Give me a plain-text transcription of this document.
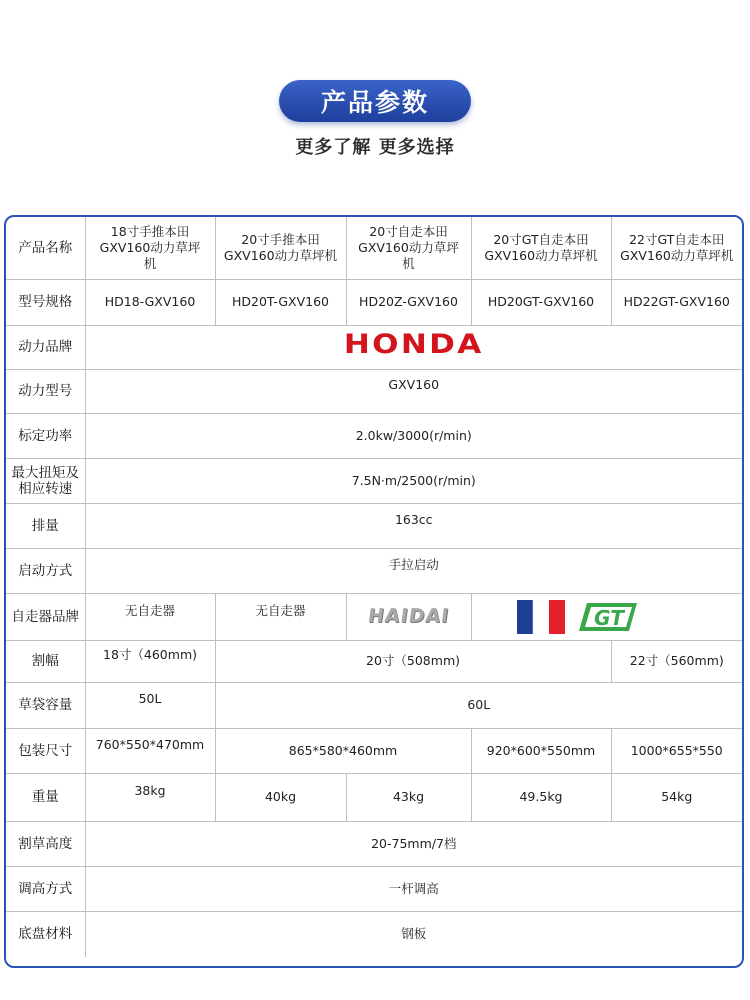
产品参数
更多了解 更多选择
产品名称	18寸手推本田 GXV160动力草坪机	20寸手推本田 GXV160动力草坪机	20寸自走本田 GXV160动力草坪机	20寸GT自走本田 GXV160动力草坪机	22寸GT自走本田 GXV160动力草坪机
型号规格	HD18-GXV160	HD20T-GXV160	HD20Z-GXV160	HD20GT-GXV160	HD22GT-GXV160
动力品牌	HONDA				
动力型号	GXV160				

标定功率	2.0kw/3000(r/min)				
最大扭矩及相应转速	7.5N·m/2500(r/min)				
排量	163cc				

启动方式	手拉启动				

自走器品牌	无自走器	无自走器	HAIDAI	GT	

割幅	18寸（460mm)	20寸（508mm)			22寸（560mm)
草袋容量	50L	60L			
包装尺寸	760*550*470mm	865*580*460mm		920*600*550mm	1000*655*550
重量	38kg	40kg	43kg	49.5kg	54kg
割草高度	20-75mm/7档				
调高方式	一杆调高				
底盘材料	钢板				
